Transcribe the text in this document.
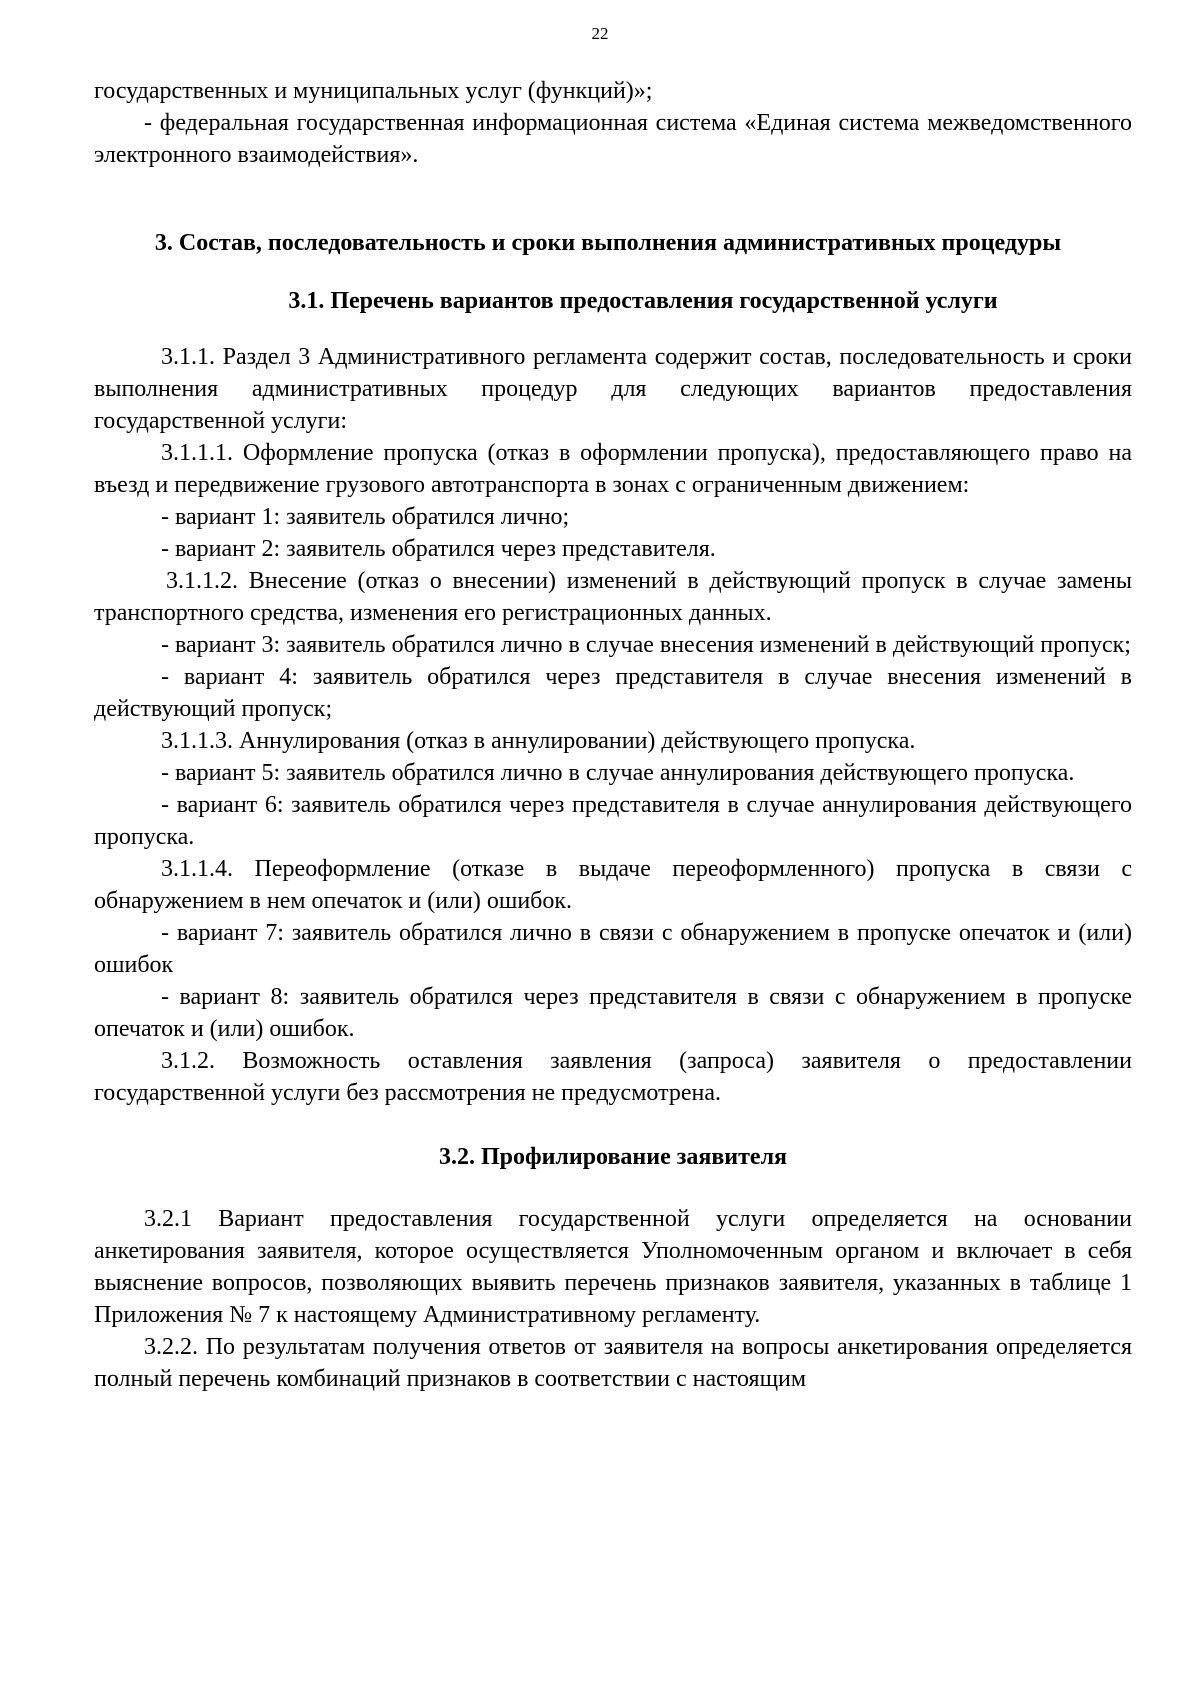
22

государственных и муниципальных услуг (функций)»;

- федеральная государственная информационная система «Единая система межведомственного электронного взаимодействия».

3. Состав, последовательность и сроки выполнения административных процедуры

3.1. Перечень вариантов предоставления государственной услуги

3.1.1. Раздел 3 Административного регламента содержит состав, последовательность и сроки выполнения административных процедур для следующих вариантов предоставления государственной услуги:

3.1.1.1. Оформление пропуска (отказ в оформлении пропуска), предоставляющего право на въезд и передвижение грузового автотранспорта в зонах с ограниченным движением:

- вариант 1: заявитель обратился лично;

- вариант 2: заявитель обратился через представителя.

3.1.1.2. Внесение (отказ о внесении) изменений в действующий пропуск в случае замены транспортного средства, изменения его регистрационных данных.

- вариант 3: заявитель обратился лично в случае внесения изменений в действующий пропуск;

- вариант 4: заявитель обратился через представителя в случае внесения изменений в действующий пропуск;

3.1.1.3. Аннулирования (отказ в аннулировании) действующего пропуска.

- вариант 5: заявитель обратился лично в случае аннулирования действующего пропуска.

- вариант 6: заявитель обратился через представителя в случае аннулирования действующего пропуска.

3.1.1.4. Переоформление (отказе в выдаче переоформленного) пропуска в связи с обнаружением в нем опечаток и (или) ошибок.

- вариант 7: заявитель обратился лично в связи с обнаружением в пропуске опечаток и (или) ошибок

- вариант 8: заявитель обратился через представителя в связи с обнаружением в пропуске опечаток и (или) ошибок.

3.1.2. Возможность оставления заявления (запроса) заявителя о предоставлении государственной услуги без рассмотрения не предусмотрена.

3.2. Профилирование заявителя

3.2.1 Вариант предоставления государственной услуги определяется на основании анкетирования заявителя, которое осуществляется Уполномоченным органом и включает в себя выяснение вопросов, позволяющих выявить перечень признаков заявителя, указанных в таблице 1 Приложения № 7 к настоящему Административному регламенту.

3.2.2. По результатам получения ответов от заявителя на вопросы анкетирования определяется полный перечень комбинаций признаков в соответствии с настоящим
